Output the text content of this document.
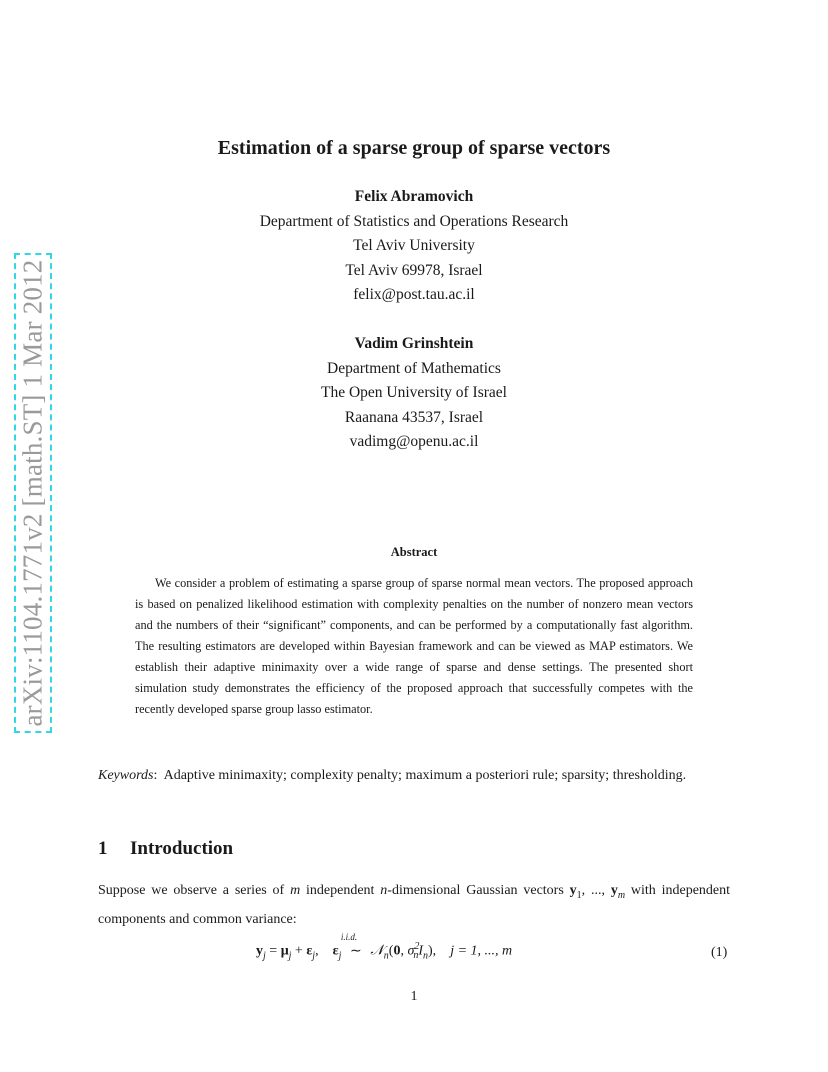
arXiv:1104.1771v2 [math.ST] 1 Mar 2012
Estimation of a sparse group of sparse vectors
Felix Abramovich
Department of Statistics and Operations Research
Tel Aviv University
Tel Aviv 69978, Israel
felix@post.tau.ac.il
Vadim Grinshtein
Department of Mathematics
The Open University of Israel
Raanana 43537, Israel
vadimg@openu.ac.il
Abstract

We consider a problem of estimating a sparse group of sparse normal mean vectors. The proposed approach is based on penalized likelihood estimation with complexity penalties on the number of nonzero mean vectors and the numbers of their “significant” components, and can be performed by a computationally fast algorithm. The resulting estimators are developed within Bayesian framework and can be viewed as MAP estimators. We establish their adaptive minimaxity over a wide range of sparse and dense settings. The presented short simulation study demonstrates the efficiency of the proposed approach that successfully competes with the recently developed sparse group lasso estimator.

Keywords:  Adaptive minimaxity; complexity penalty; maximum a posteriori rule; sparsity; thresholding.

1 Introduction

Suppose we observe a series of m independent n-dimensional Gaussian vectors $y_1$, ..., $y_m$ with independent components and common variance:

$y_j = \mu_j + \varepsilon_j$, $\varepsilon_j$
i.i.d.
∼ 𝒩$_n$(0, $\sigma^2_nI_n$), j = 1, ..., m	(1)
1
